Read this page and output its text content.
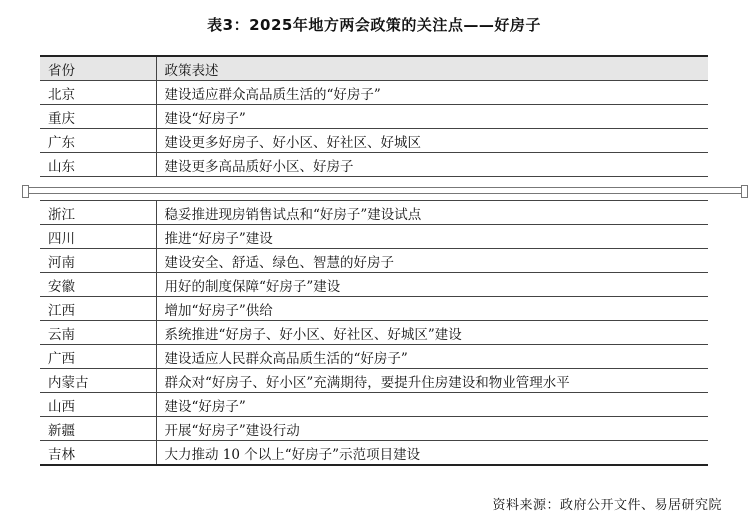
表3：2025年地方两会政策的关注点——好房子
省份	政策表述
北京	建设适应群众高品质生活的“好房子”
重庆	建设“好房子”
广东	建设更多好房子、好小区、好社区、好城区
山东	建设更多高品质好小区、好房子
浙江	稳妥推进现房销售试点和“好房子”建设试点
四川	推进“好房子”建设
河南	建设安全、舒适、绿色、智慧的好房子
安徽	用好的制度保障“好房子”建设
江西	增加“好房子”供给
云南	系统推进“好房子、好小区、好社区、好城区”建设
广西	建设适应人民群众高品质生活的“好房子”
内蒙古	群众对“好房子、好小区”充满期待，要提升住房建设和物业管理水平
山西	建设“好房子”
新疆	开展“好房子”建设行动
吉林	大力推动 10 个以上“好房子”示范项目建设
资料来源：政府公开文件、易居研究院
